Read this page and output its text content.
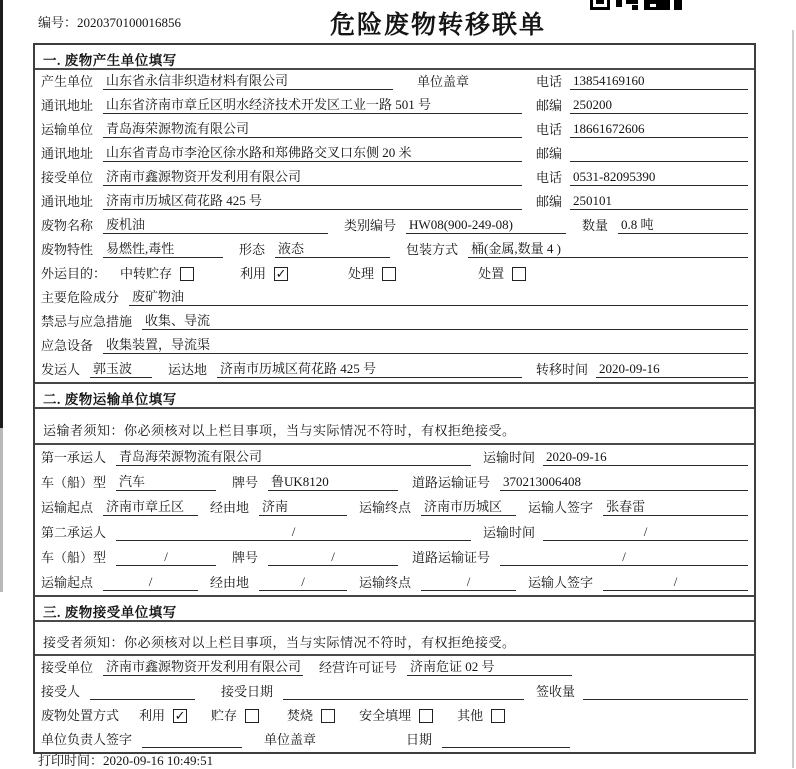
编号：2020370100016856	危险废物转移联单
一. 废物产生单位填写
产生单位 山东省永信非织造材料有限公司	单位盖章	电话 13854169160
通讯地址 山东省济南市章丘区明水经济技术开发区工业一路 501 号	邮编 250200
运输单位 青岛海荣源物流有限公司	电话 18661672606
通讯地址 山东省青岛市李沧区徐水路和郑佛路交叉口东侧 20 米	邮编
接受单位 济南市鑫源物资开发利用有限公司	电话 0531-82095390
通讯地址 济南市历城区荷花路 425 号	邮编 250101
废物名称 废机油	类别编号 HW08(900-249-08)	数量 0.8 吨
废物特性 易燃性,毒性	形态 液态	包装方式 桶(金属,数量 4 )
外运目的： 中转贮存	利用 ✓	处理	处置
主要危险成分 废矿物油
禁忌与应急措施 收集、导流
应急设备 收集装置，导流渠
发运人 郭玉波	运达地 济南市历城区荷花路 425 号	转移时间 2020-09-16
二. 废物运输单位填写
运输者须知：你必须核对以上栏目事项，当与实际情况不符时，有权拒绝接受。
第一承运人 青岛海荣源物流有限公司	运输时间 2020-09-16
车（船）型 汽车	牌号 鲁UK8120	道路运输证号 370213006408
运输起点 济南市章丘区	经由地 济南	运输终点 济南市历城区	运输人签字 张春雷
第二承运人	/	运输时间	/
车（船）型	/	牌号	/	道路运输证号	/
运输起点	/	经由地	/	运输终点	/	运输人签字	/
三. 废物接受单位填写
接受者须知：你必须核对以上栏目事项，当与实际情况不符时，有权拒绝接受。
接受单位 济南市鑫源物资开发利用有限公司 经营许可证号 济南危证 02 号
接受人	接受日期	签收量
废物处置方式 利用 ✓ 贮存	焚烧	安全填埋	其他
单位负责人签字	单位盖章	日期
打印时间：2020-09-16 10:49:51
